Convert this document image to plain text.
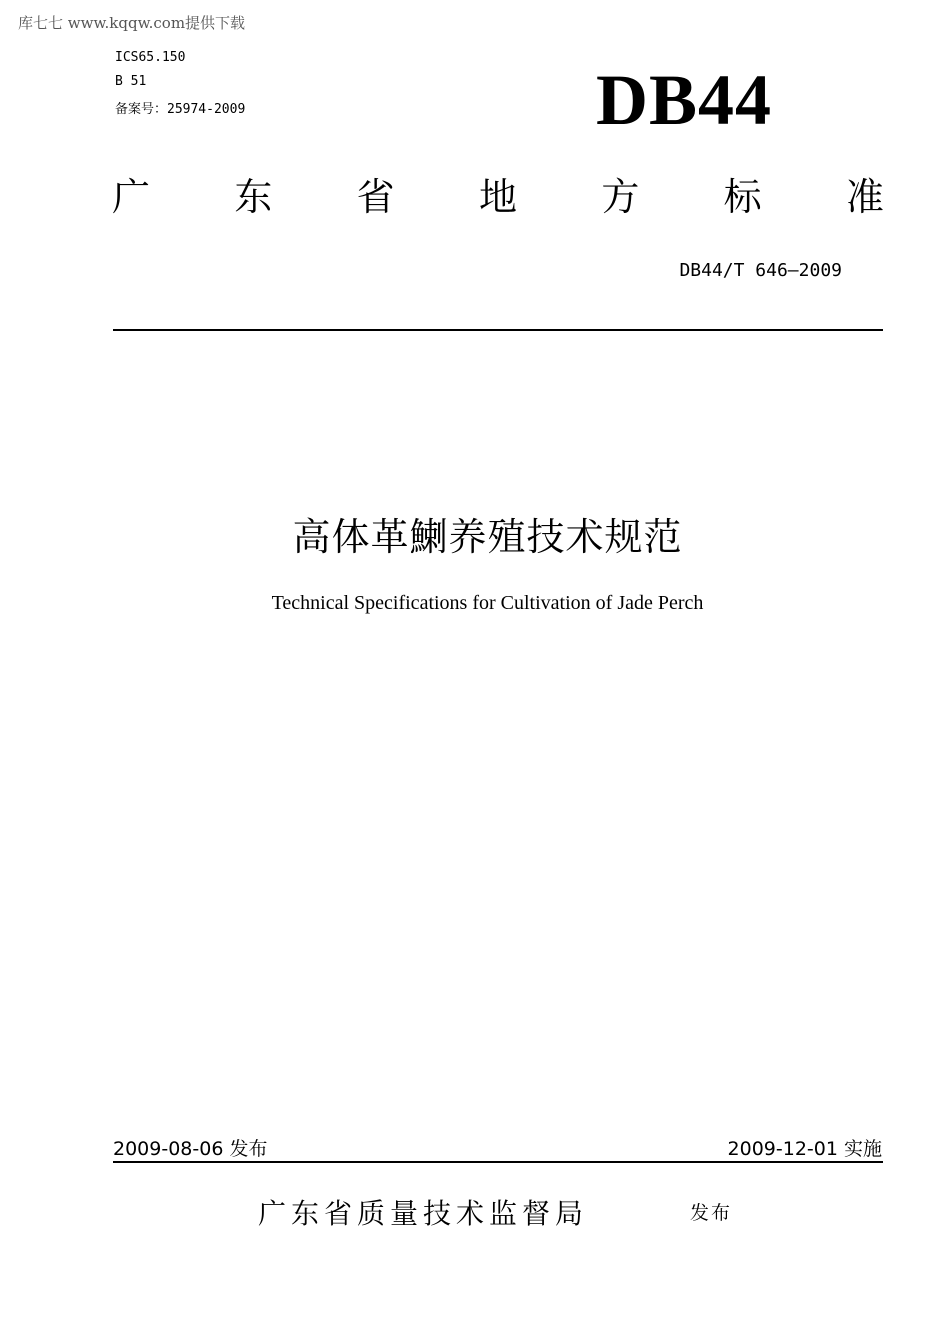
库七七 www.kqqw.com提供下载
ICS65.150
B 51
备案号：25974-2009	DB44
广 东 省 地 方 标 准
DB44/T 646—2009
高体革鯻养殖技术规范
Technical Specifications for Cultivation of Jade Perch
2009-08-06 发布	2009-12-01 实施
广东省质量技术监督局	发布
